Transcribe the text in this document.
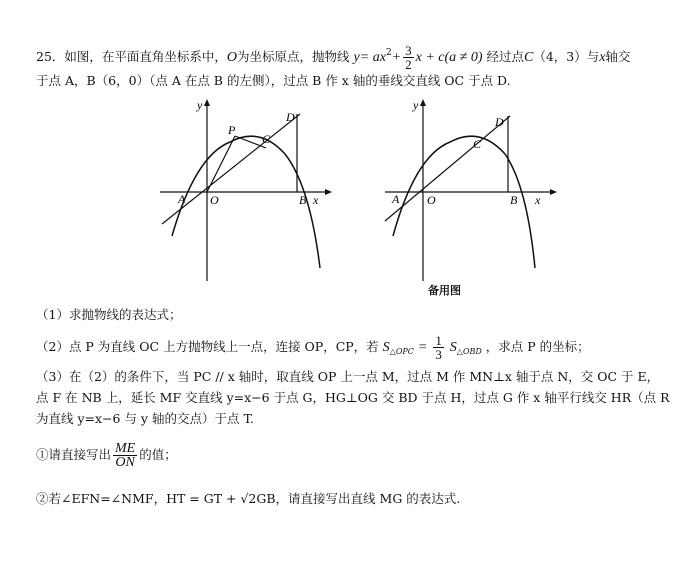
25．如图，在平面直角坐标系中，O为坐标原点，抛物线 $y= ax^2+ \frac{3}{2}$ x + c(a ≠ 0) 经过点C（4，3）与x轴交
于点 A，B（6，0）（点 A 在点 B 的左侧），过点 B 作 x 轴的垂线交直线 OC 于点 D.
y
x
O
A	B
C
D
P
y
x
O
A	B
C
D
备用图
（1）求抛物线的表达式；
（2）点 P 为直线 OC 上方抛物线上一点，连接 OP，CP，若 $S_{\triangle OPC} = \frac{1}{3} S_{\triangle OBD}$ ，求点 P 的坐标；
（3）在（2）的条件下，当 PC // x 轴时，取直线 OP 上一点 M，过点 M 作 MN⊥x 轴于点 N，交 OC 于 E，
点 F 在 NB 上，延长 MF 交直线 y=x−6 于点 G，HG⊥OG 交 BD 于点 H，过点 G 作 x 轴平行线交 HR（点 R
为直线 y=x−6 与 y 轴的交点）于点 T.
①请直接写出 $\frac{ME}{ON}$ 的值；
②若∠EFN=∠NMF，HT = GT + √2GB，请直接写出直线 MG 的表达式.
